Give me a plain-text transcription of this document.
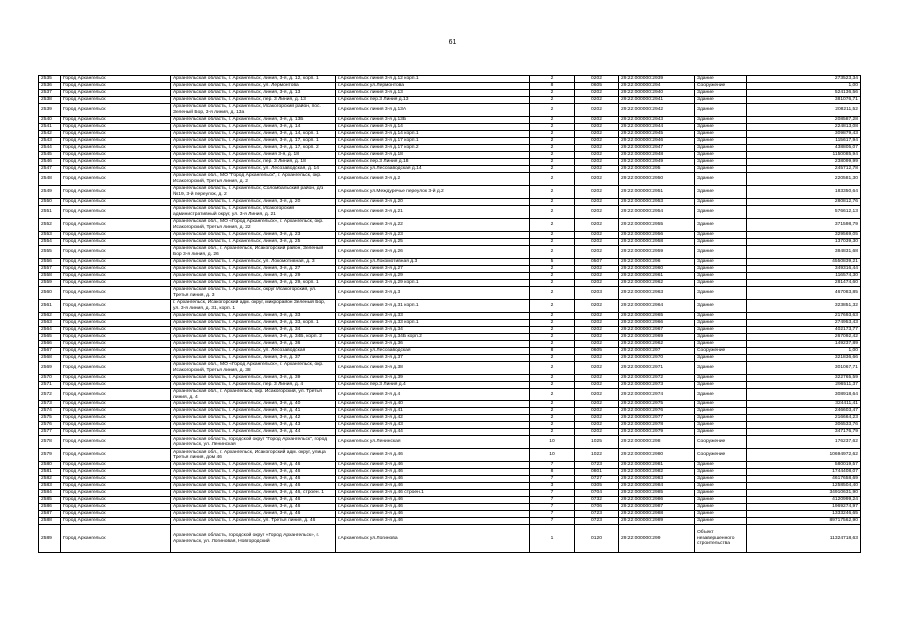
61
2535	Город Архангельск	Архангельская область, г. Архангельск, линия, 3-я, д. 12, корп. 1	г.Архангельск линия 3-я д.12 корп.1	2	0202	29:22:000000:2939	Здание	273523,34
2536	Город Архангельск	Архангельская область, г. Архангельск, ул. Лермонтова	г.Архангельск ул.Лермонтова	8	0605	29:22:000000:294	Сооружение	1,00
2537	Город Архангельск	Архангельская область, г. Архангельск, линия, 3-я, д. 13	г.Архангельск линия 3-я д.13	2	0202	29:22:000000:2940	Здание	524136,56
2538	Город Архангельск	Архангельская область, г. Архангельск, пер. 3 Линия, д. 13	г.Архангельск пер.3 Линия д.13	2	0202	29:22:000000:2941	Здание	381076,71
2539	Город Архангельск	Архангельская область, г. Архангельск, Исакогорский район, пос. Зеленый Бор, 3-я линия, д. 13а	г.Архангельск линия 3-я д.13А	2	0202	29:22:000000:2942	Здание	208211,52
2540	Город Архангельск	Архангельская область, г. Архангельск, линия, 3-я, д. 13Б	г.Архангельск линия 3-я д.13Б	2	0202	29:22:000000:2943	Здание	208587,28
2541	Город Архангельск	Архангельская область, г. Архангельск, линия, 3-я, д. 14	г.Архангельск линия 3-я д.14	2	0202	29:22:000000:2944	Здание	224813,08
2542	Город Архангельск	Архангельская область, г. Архангельск, линия, 3-я, д. 14, корп. 1	г.Архангельск линия 3-я д.14 корп.1	2	0202	29:22:000000:2945	Здание	309879,43
2543	Город Архангельск	Архангельская область, г. Архангельск, линия, 3-я, д. 17, корп. 1	г.Архангельск линия 3-я д.17 корп.1	2	0202	29:22:000000:2946	Здание	115617,94
2544	Город Архангельск	Архангельская область, г. Архангельск, линия, 3-я, д. 17, корп. 2	г.Архангельск линия 3-я д.17 корп.2	2	0202	29:22:000000:2947	Здание	438805,07
2545	Город Архангельск	Архангельская область, г. Архангельск, линия 3-я, д. 18	г.Архангельск линия 3-я д.18	2	0202	29:22:000000:2948	Здание	1150085,94
2546	Город Архангельск	Архангельская область, г. Архангельск, пер. 3 Линия, д. 18	г.Архангельск пер.3 Линия д.18	2	0202	29:22:000000:2949	Здание	238099,99
2547	Город Архангельск	Архангельская область, г. Архангельск, ул. Лесозаводская, д. 14	г.Архангельск ул.Лесозаводская д.14	2	0202	29:22:000000:295	Здание	245712,78
2548	Город Архангельск	Архангельская обл., МО "Город Архангельск", г. Архангельск, окр. Исакогорский, Третья линия, д. 2	г.Архангельск линия 3-я д.2	2	0202	29:22:000000:2950	Здание	220581,30
2549	Город Архангельск	Архангельская область, г. Архангельск, Соломбальский район, д/з №19, 3-й переулок, д. 2	г.Архангельск ул.Междуречье переулок 3-й д.2	2	0202	29:22:000000:2951	Здание	183350,64
2550	Город Архангельск	Архангельская область, г. Архангельск, линия, 3-я, д. 20	г.Архангельск линия 3-я д.20	2	0202	29:22:000000:2953	Здание	280812,76
2551	Город Архангельск	Архангельская область, г. Архангельск, Исакогорский административный округ, ул. 3-я Линия, д. 21	г.Архангельск линия 3-я д.21	2	0202	29:22:000000:2954	Здание	576612,13
2552	Город Архангельск	Архангельская обл., МО «Город Архангельск», г. Архангельск, окр. Исакогорский, Третья линия, д. 22	г.Архангельск линия 3-я д.22	2	0202	29:22:000000:2955	Здание	371598,79
2553	Город Архангельск	Архангельская область, г. Архангельск, линия, 3-я, д. 23	г.Архангельск линия 3-я д.23	2	0202	29:22:000000:2956	Здание	329569,05
2554	Город Архангельск	Архангельская область, г. Архангельск, линия, 3-я, д. 25	г.Архангельск линия 3-я д.25	2	0202	29:22:000000:2958	Здание	137039,30
2555	Город Архангельск	Архангельская обл., г. Архангельск, Исакогорский район, Зеленый Бор 3-я линия, д. 26	г.Архангельск линия 3-я д.26	2	0202	29:22:000000:2959	Здание	384831,68
2556	Город Архангельск	Архангельская область, г. Архангельск, ул. Локомотивная, д. 3	г.Архангельск ул.Локомотивная д.3	5	0507	29:22:000000:296	Здание	4550839,21
2557	Город Архангельск	Архангельская область, г. Архангельск, линия, 3-я, д. 27	г.Архангельск линия 3-я д.27	2	0202	29:22:000000:2960	Здание	349316,44
2558	Город Архангельск	Архангельская область, г. Архангельск, линия, 3-я, д. 29	г.Архангельск линия 3-я д.29	2	0202	29:22:000000:2961	Здание	116574,30
2559	Город Архангельск	Архангельская область, г. Архангельск, линия, 3-я, д. 29, корп. 1	г.Архангельск линия 3-я д.29 корп.1	2	0202	29:22:000000:2962	Здание	281474,60
2560	Город Архангельск	Архангельская область, г. Архангельск, округ Исакогорский, ул. Третья линия, д. 3	г.Архангельск линия 3-я д.3	2	0203	29:22:000000:2963	Здание	467083,85
2561	Город Архангельск	г. Архангельск, Исакогорский адм. округ, микрорайон Зеленый Бор, ул. 3-я линия, д. 31, корп. 1	г.Архангельск линия 3-я д.31 корп.1	2	0202	29:22:000000:2964	Здание	323851,32
2562	Город Архангельск	Архангельская область, г. Архангельск, линия, 3-я, д. 33	г.Архангельск линия 3-я д.33	2	0202	29:22:000000:2965	Здание	217693,63
2563	Город Архангельск	Архангельская область, г. Архангельск, линия, 3-я, д. 33, корп. 1	г.Архангельск линия 3-я д.33 корп.1	2	0202	29:22:000000:2966	Здание	274953,43
2564	Город Архангельск	Архангельская область, г. Архангельск, линия, 3-я, д. 34	г.Архангельск линия 3-я д.34	2	0202	29:22:000000:2967	Здание	402173,77
2565	Город Архангельск	Архангельская область, г. Архангельск, линия, 3-я, д. 34Б, корп. 2	г.Архангельск линия 3-я д.34Б корп.2	2	0202	29:22:000000:2969	Здание	267092,42
2566	Город Архангельск	Архангельская область, г. Архангельск, линия, 3-я, д. 36	г.Архангельск линия 3-я д.36	2	0202	29:22:000000:2962	Здание	149237,89
2567	Город Архангельск	Архангельская область, г. Архангельск, ул. Лесозаводская	г.Архангельск ул.Лесозаводская	8	0605	29:22:000000:297	Сооружение	1,00
2568	Город Архангельск	Архангельская область, г. Архангельск, линия, 3-я, д. 37	г.Архангельск линия 3-я д.37	2	0202	29:22:000000:2970	Здание	321836,66
2569	Город Архангельск	Архангельская обл., МО «Город Архангельск», г. Архангельск, окр. Исакогорский, Третья линия, д. 38	г.Архангельск линия 3-я д.38	2	0202	29:22:000000:2971	Здание	301067,71
2570	Город Архангельск	Архангельская область, г. Архангельск, линия, 3-я, д. 39	г.Архангельск линия 3-я д.39	2	0202	29:22:000000:2972	Здание	322765,59
2571	Город Архангельск	Архангельская область, г. Архангельск, пер. 3 Линия, д. 4	г.Архангельск пер.3 Линия д.4	2	0202	29:22:000000:2973	Здание	296511,37
2572	Город Архангельск	Архангельская обл., г. Архангельск, окр. Исакогорский, ул. Третья линия, д. 4	г.Архангельск линия 3-я д.4	2	0202	29:22:000000:2974	Здание	308918,64
2573	Город Архангельск	Архангельская область, г. Архангельск, линия, 3-я, д. 40	г.Архангельск линия 3-я д.40	2	0202	29:22:000000:2975	Здание	324411,41
2574	Город Архангельск	Архангельская область, г. Архангельск, линия, 3-я, д. 41	г.Архангельск линия 3-я д.41	2	0202	29:22:000000:2976	Здание	246603,47
2575	Город Архангельск	Архангельская область, г. Архангельск, линия, 3-я, д. 42	г.Архангельск линия 3-я д.42	2	0202	29:22:000000:2977	Здание	216664,23
2576	Город Архангельск	Архангельская область, г. Архангельск, линия, 3-я, д. 43	г.Архангельск линия 3-я д.43	2	0202	29:22:000000:2978	Здание	306533,76
2577	Город Архангельск	Архангельская область, г. Архангельск, линия, 3-я, д. 44	г.Архангельск линия 3-я д.44	2	0202	29:22:000000:2979	Здание	347176,79
2578	Город Архангельск	Архангельская область, городской округ "Город Архангельск", город Архангельск, ул. Ленинская	г.Архангельск ул.Ленинская	10	1025	29:22:000000:298	Сооружение	176237,62
2579	Город Архангельск	Архангельская обл., г. Архангельск, Исакогорский адм. округ, улица Третья линия, дом 46	г.Архангельск линия 3-я д.46	10	1022	29:22:000000:2980	Сооружение	10694972,62
2580	Город Архангельск	Архангельская область, г. Архангельск, линия, 3-я, д. 46	г.Архангельск линия 3-я д.46	7	0723	29:22:000000:2981	Здание	580019,57
2581	Город Архангельск	Архангельская область, г. Архангельск, линия, 3-я, д. 46	г.Архангельск линия 3-я д.46	8	0801	29:22:000000:2982	Здание	1744408,07
2582	Город Архангельск	Архангельская область, г. Архангельск, линия, 3-я, д. 46	г.Архангельск линия 3-я д.46	7	0727	29:22:000000:2983	Здание	4617658,69
2583	Город Архангельск	Архангельская область, г. Архангельск, линия, 3-я, д. 46	г.Архангельск линия 3-я д.46	3	0305	29:22:000000:2984	Здание	1258504,40
2584	Город Архангельск	Архангельская область, г. Архангельск, линия, 3-я, д. 46, строен. 1	г.Архангельск линия 3-я д.46 строен.1	7	0704	29:22:000000:2985	Здание	34910631,90
2585	Город Архангельск	Архангельская область, г. Архангельск, линия, 3-я, д. 46	г.Архангельск линия 3-я д.46	7	0732	29:22:000000:2986	Здание	4120999,24
2586	Город Архангельск	Архангельская область, г. Архангельск, линия, 3-я, д. 46	г.Архангельск линия 3-я д.46	7	0706	29:22:000000:2987	Здание	1969274,97
2587	Город Архангельск	Архангельская область, г. Архангельск, линия, 3-я, д. 46	г.Архангельск линия 3-я д.46	7	0723	29:22:000000:2988	Здание	1333246,65
2588	Город Архангельск	Архангельская область, г. Архангельск, ул. Третья линия, д. 46	г.Архангельск линия 3-я д.46	7	0723	29:22:000000:2989	Здание	89717562,90
2589	Город Архангельск	Архангельская область, городской округ «Город Архангельск», г. Архангельск, ул. Логиновая, Новгородский	г.Архангельск ул.Логинова	1	0120	29:22:000000:299	Объект незавершенного строительства	11324718,63
